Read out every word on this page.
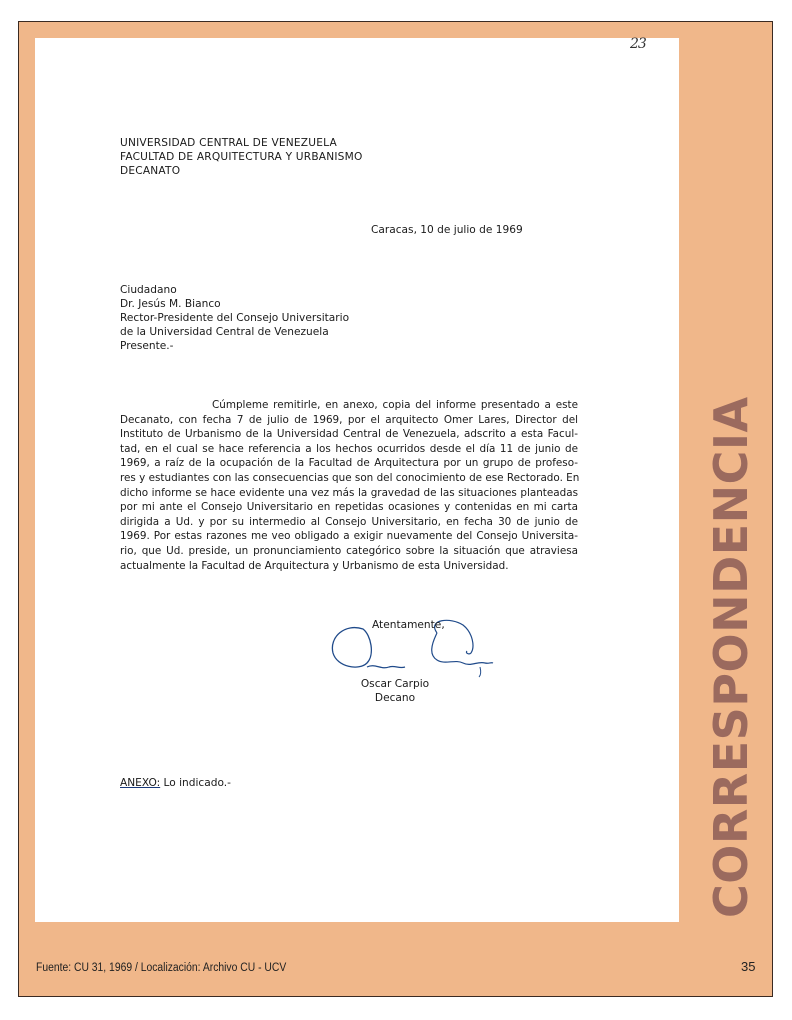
23
UNIVERSIDAD CENTRAL DE VENEZUELA
FACULTAD DE ARQUITECTURA Y URBANISMO
DECANATO
Caracas, 10 de julio de 1969
Ciudadano
Dr. Jesús M. Bianco
Rector-Presidente del Consejo Universitario
de la Universidad Central de Venezuela
Presente.-
Cúmpleme remitirle, en anexo, copia del informe presentado a este
Decanato, con fecha 7 de julio de 1969, por el arquitecto Omer Lares, Director del
Instituto de Urbanismo de la Universidad Central de Venezuela, adscrito a esta Facul-
tad, en el cual se hace referencia a los hechos ocurridos desde el día 11 de junio de
1969, a raíz de la ocupación de la Facultad de Arquitectura por un grupo de profeso-
res y estudiantes con las consecuencias que son del conocimiento de ese Rectorado. En
dicho informe se hace evidente una vez más la gravedad de las situaciones planteadas
por mi ante el Consejo Universitario en repetidas ocasiones y contenidas en mi carta
dirigida a Ud. y por su intermedio al Consejo Universitario, en fecha 30 de junio de
1969. Por estas razones me veo obligado a exigir nuevamente del Consejo Universita-
rio, que Ud. preside, un pronunciamiento categórico sobre la situación que atraviesa
actualmente la Facultad de Arquitectura y Urbanismo de esta Universidad.
Atentamente,
Oscar Carpio
Decano
ANEXO: Lo indicado.-	CORRESPONDENCIA
Fuente: CU 31, 1969 / Localización: Archivo CU - UCV	35
